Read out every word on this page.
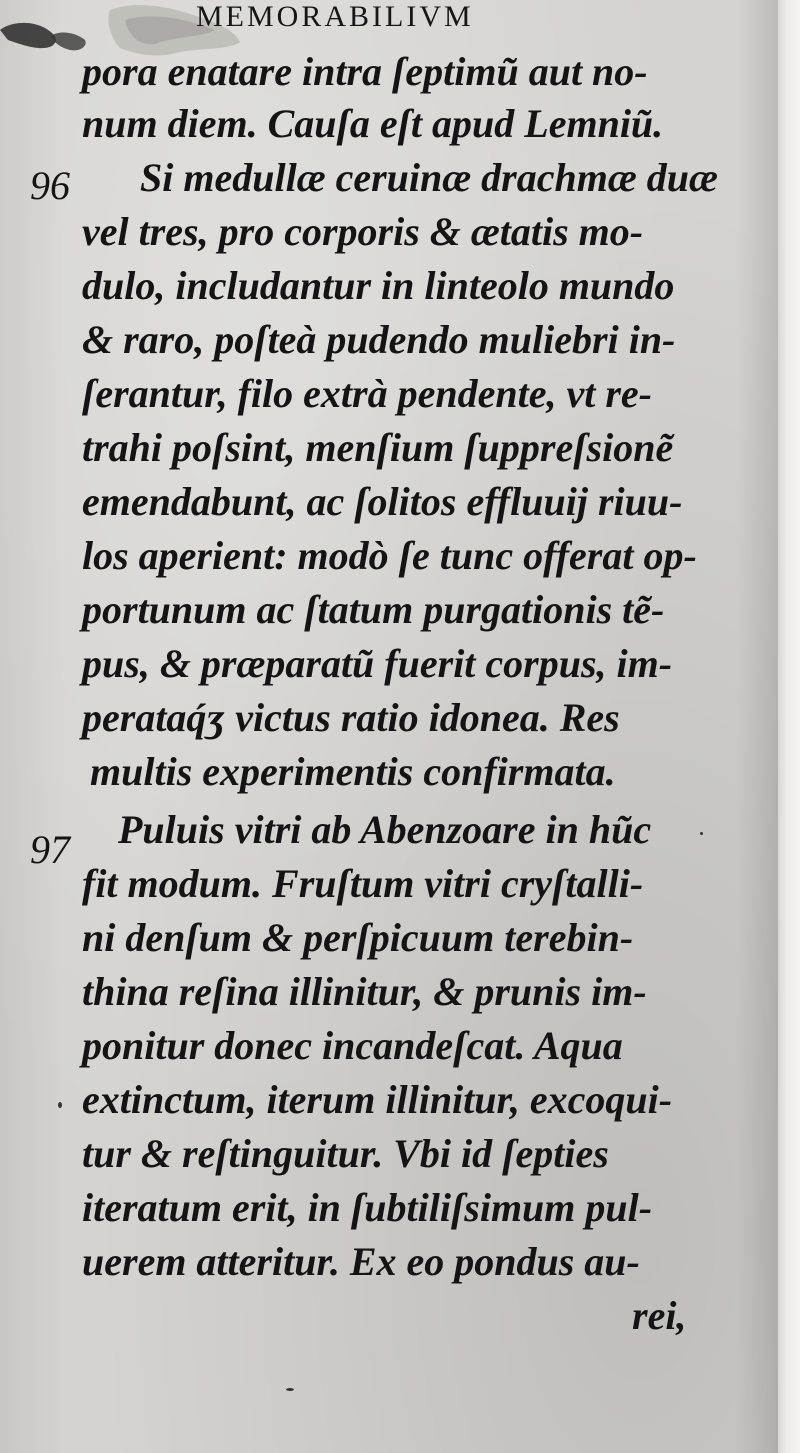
MEMORABILIVM
96
97
pora enatare intra ſeptimũ aut no-
num diem. Cauſa eſt apud Lemniũ.
Si medullæ ceruinæ drachmæ duæ
vel tres, pro corporis & ætatis mo-
dulo, includantur in linteolo mundo
& raro, poſteà pudendo muliebri in-
ſerantur, filo extrà pendente, vt re-
trahi poſsint, menſium ſuppreſsionẽ
emendabunt, ac ſolitos effluuij riuu-
los aperient: modò ſe tunc offerat op-
portunum ac ſtatum purgationis tẽ-
pus, & præparatũ fuerit corpus, im-
perataq́ʒ victus ratio idonea. Res
multis experimentis confirmata.
Puluis vitri ab Abenzoare in hũc
fit modum. Fruſtum vitri cryſtalli-
ni denſum & perſpicuum terebin-
thina reſina illinitur, & prunis im-
ponitur donec incandeſcat. Aqua
extinctum, iterum illinitur, excoqui-
tur & reſtinguitur. Vbi id ſepties
iteratum erit, in ſubtiliſsimum pul-
uerem atteritur. Ex eo pondus au-
rei,
